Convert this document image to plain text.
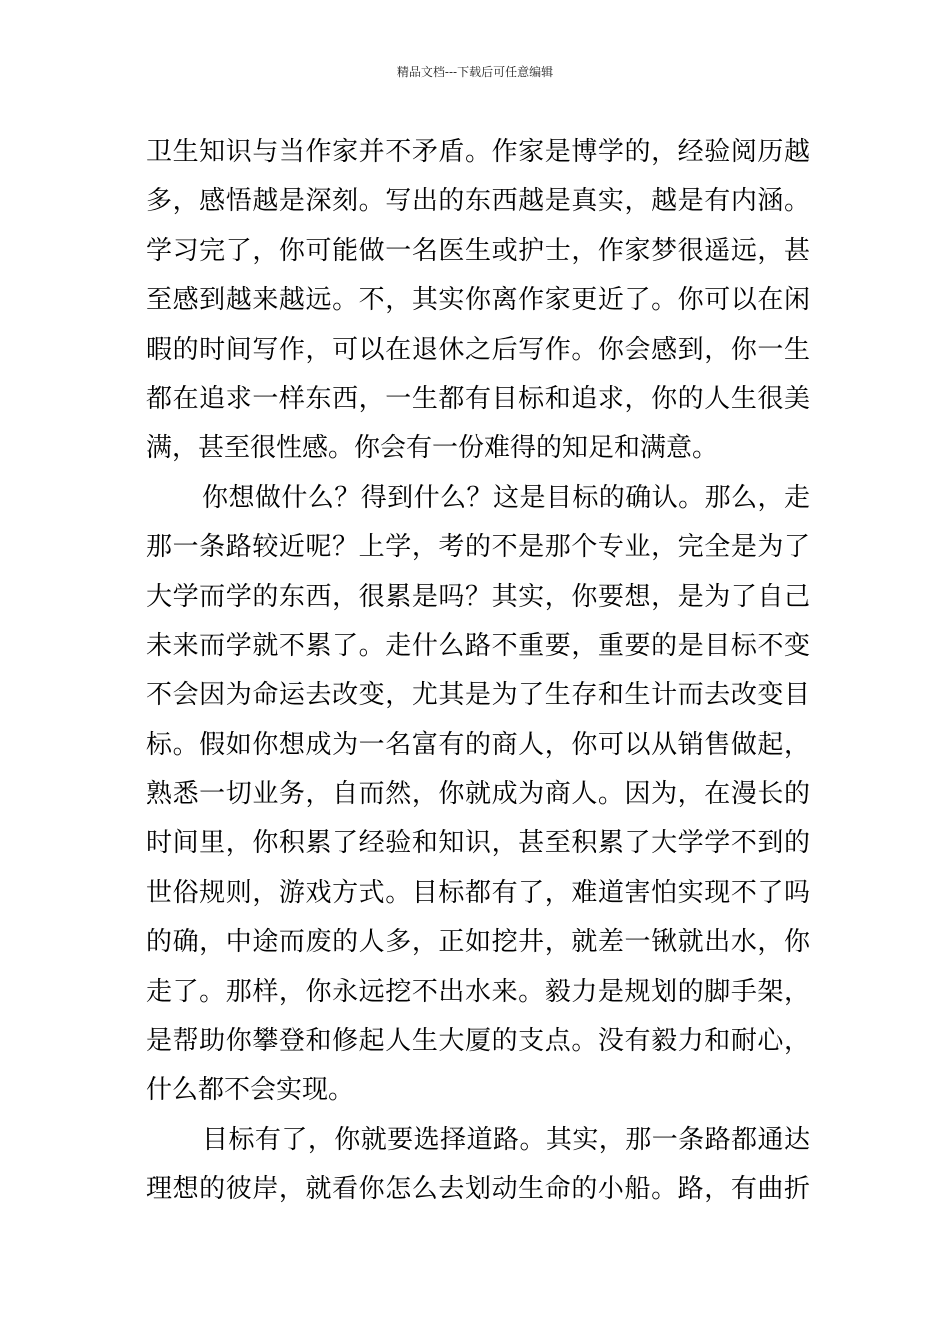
精品文档---下载后可任意编辑
卫生知识与当作家并不矛盾。作家是博学的，经验阅历越
多，感悟越是深刻。写出的东西越是真实，越是有内涵。
学习完了，你可能做一名医生或护士，作家梦很遥远，甚
至感到越来越远。不，其实你离作家更近了。你可以在闲
暇的时间写作，可以在退休之后写作。你会感到，你一生
都在追求一样东西，一生都有目标和追求，你的人生很美
满，甚至很性感。你会有一份难得的知足和满意。
你想做什么？得到什么？这是目标的确认。那么，走
那一条路较近呢？上学，考的不是那个专业，完全是为了
大学而学的东西，很累是吗？其实，你要想，是为了自己
未来而学就不累了。走什么路不重要，重要的是目标不变
不会因为命运去改变，尤其是为了生存和生计而去改变目
标。假如你想成为一名富有的商人，你可以从销售做起，
熟悉一切业务，自而然，你就成为商人。因为，在漫长的
时间里，你积累了经验和知识，甚至积累了大学学不到的
世俗规则，游戏方式。目标都有了，难道害怕实现不了吗
的确，中途而废的人多，正如挖井，就差一锹就出水，你
走了。那样，你永远挖不出水来。毅力是规划的脚手架，
是帮助你攀登和修起人生大厦的支点。没有毅力和耐心，
什么都不会实现。
目标有了，你就要选择道路。其实，那一条路都通达
理想的彼岸，就看你怎么去划动生命的小船。路，有曲折
